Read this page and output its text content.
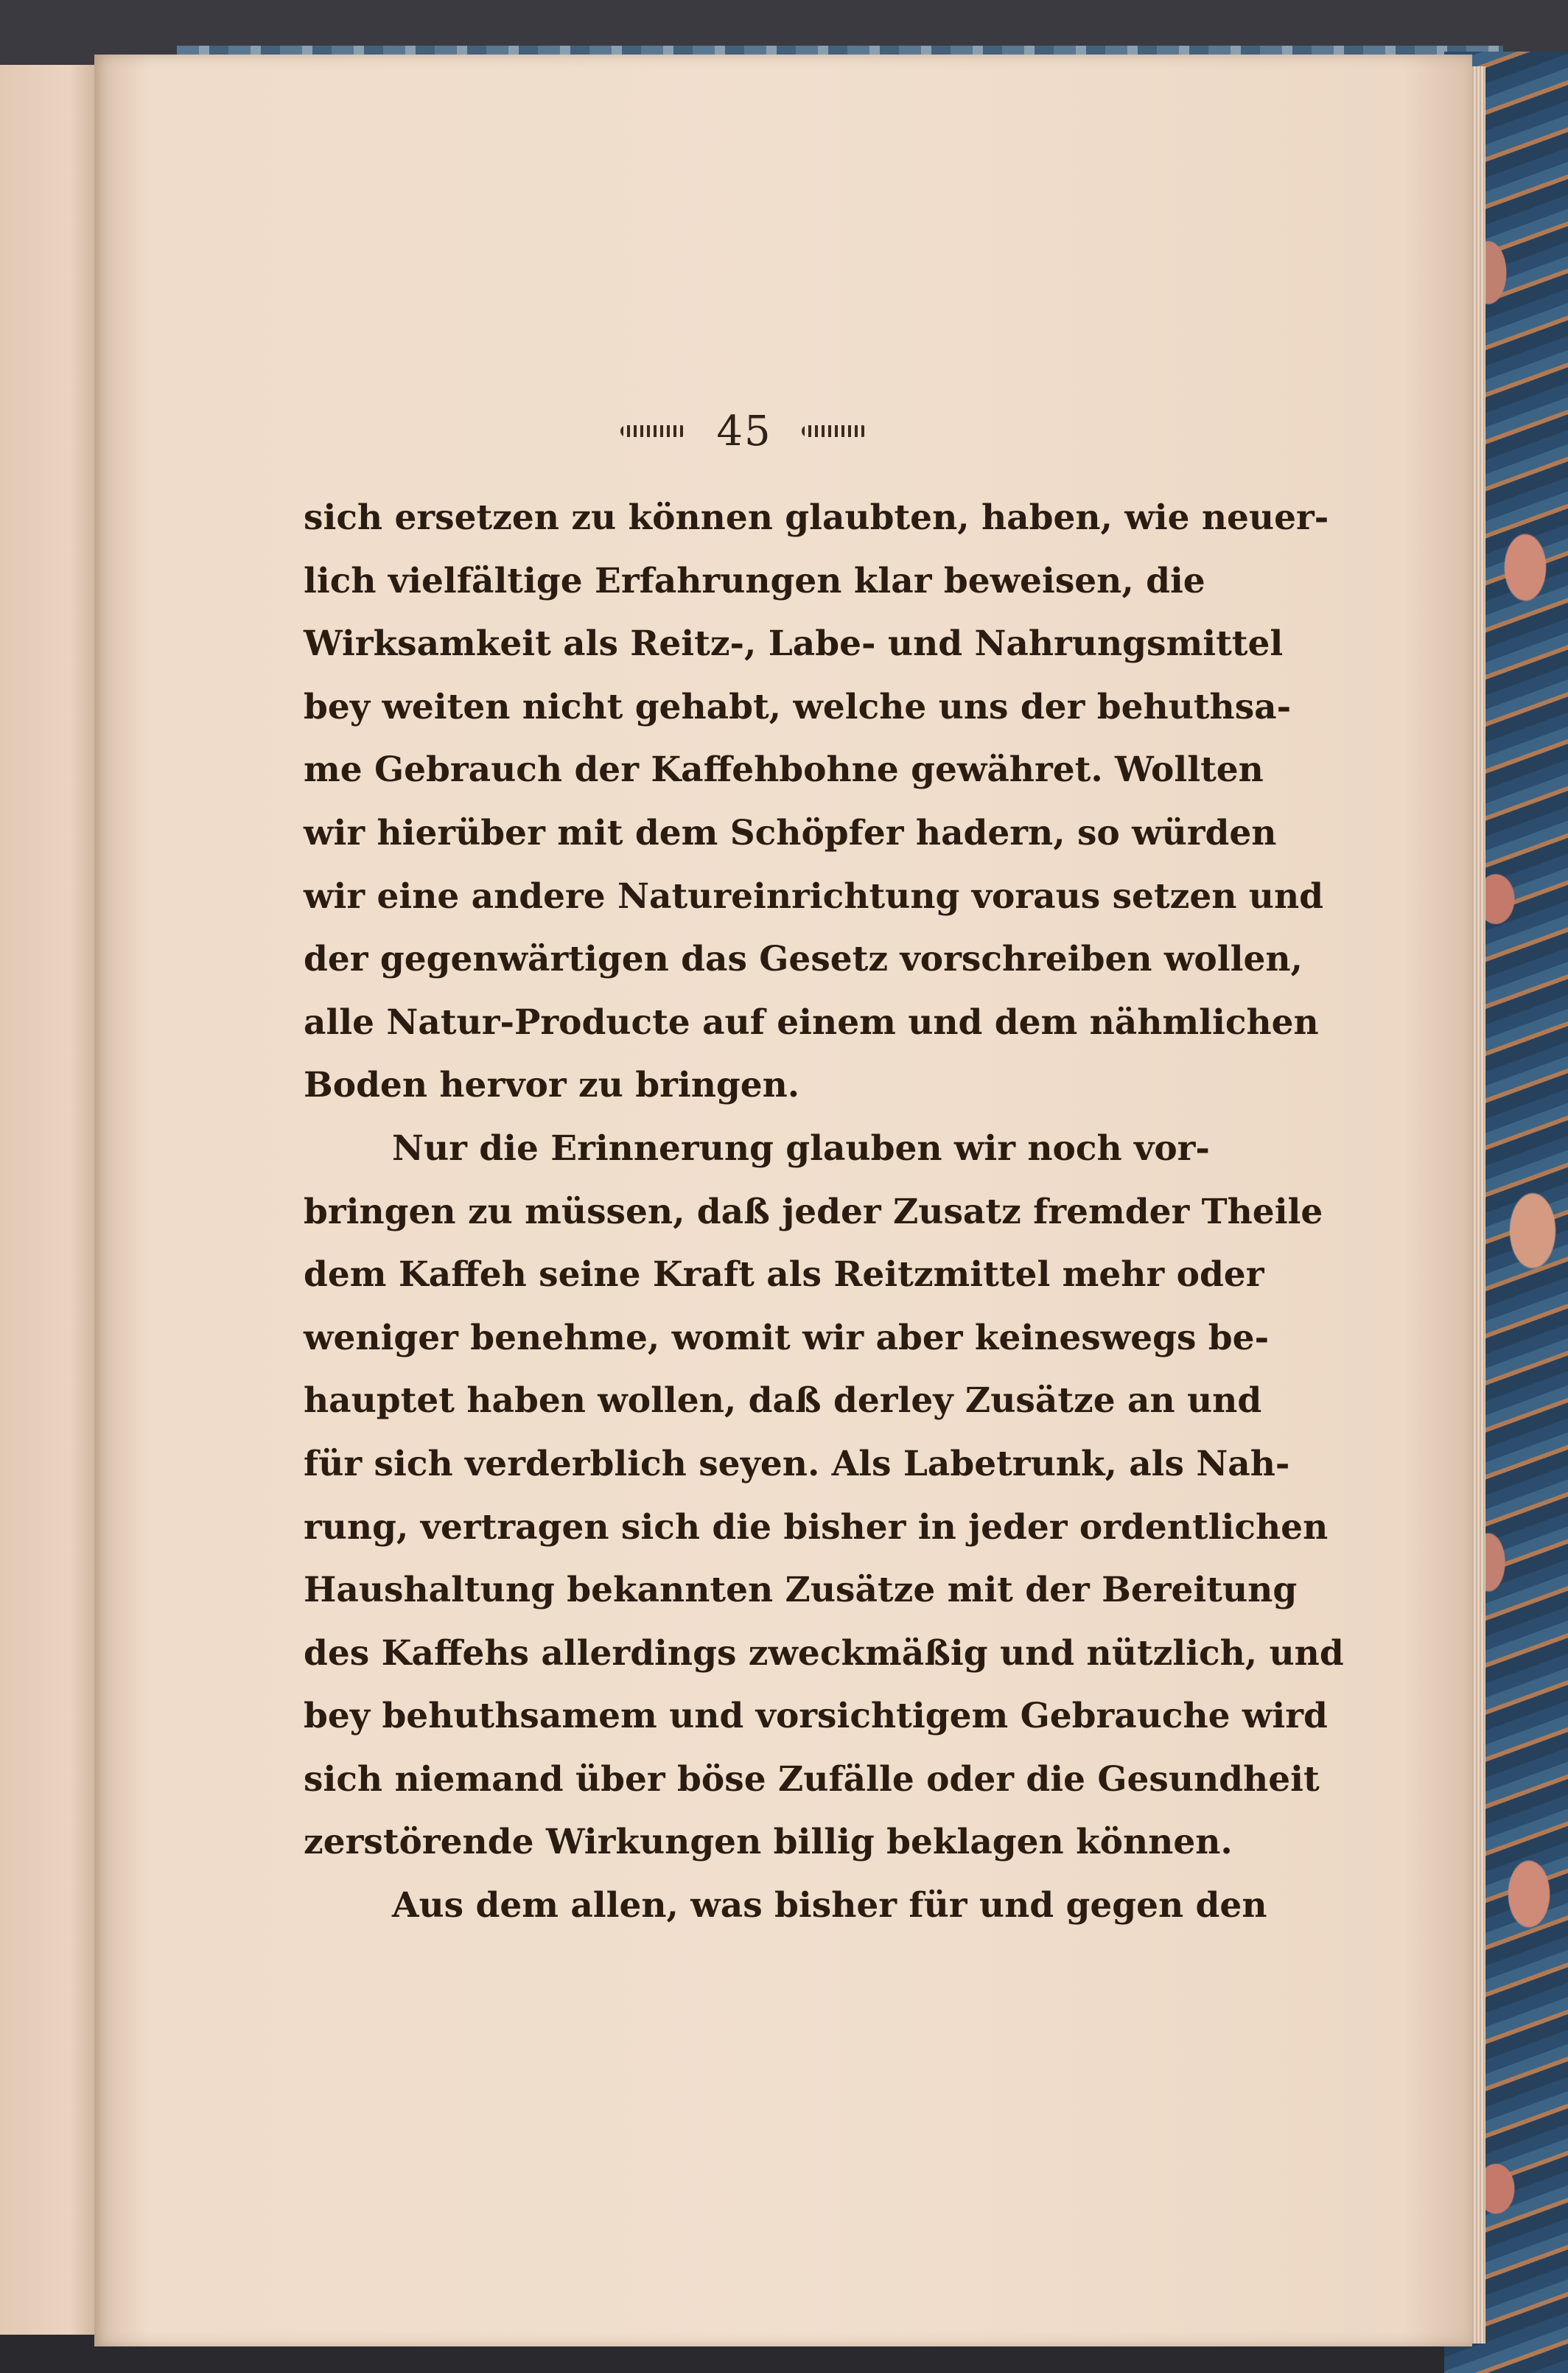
45
sich ersetzen zu können glaubten, haben, wie neuer-
lich vielfältige Erfahrungen klar beweisen, die
Wirksamkeit als Reitz-, Labe- und Nahrungsmittel
bey weiten nicht gehabt, welche uns der behuthsa-
me Gebrauch der Kaffehbohne gewähret. Wollten
wir hierüber mit dem Schöpfer hadern, so würden
wir eine andere Natureinrichtung voraus setzen und
der gegenwärtigen das Gesetz vorschreiben wollen,
alle Natur-Producte auf einem und dem nähmlichen
Boden hervor zu bringen.
Nur die Erinnerung glauben wir noch vor-
bringen zu müssen, daß jeder Zusatz fremder Theile
dem Kaffeh seine Kraft als Reitzmittel mehr oder
weniger benehme, womit wir aber keineswegs be-
hauptet haben wollen, daß derley Zusätze an und
für sich verderblich seyen. Als Labetrunk, als Nah-
rung, vertragen sich die bisher in jeder ordentlichen
Haushaltung bekannten Zusätze mit der Bereitung
des Kaffehs allerdings zweckmäßig und nützlich, und
bey behuthsamem und vorsichtigem Gebrauche wird
sich niemand über böse Zufälle oder die Gesundheit
zerstörende Wirkungen billig beklagen können.
Aus dem allen, was bisher für und gegen den
